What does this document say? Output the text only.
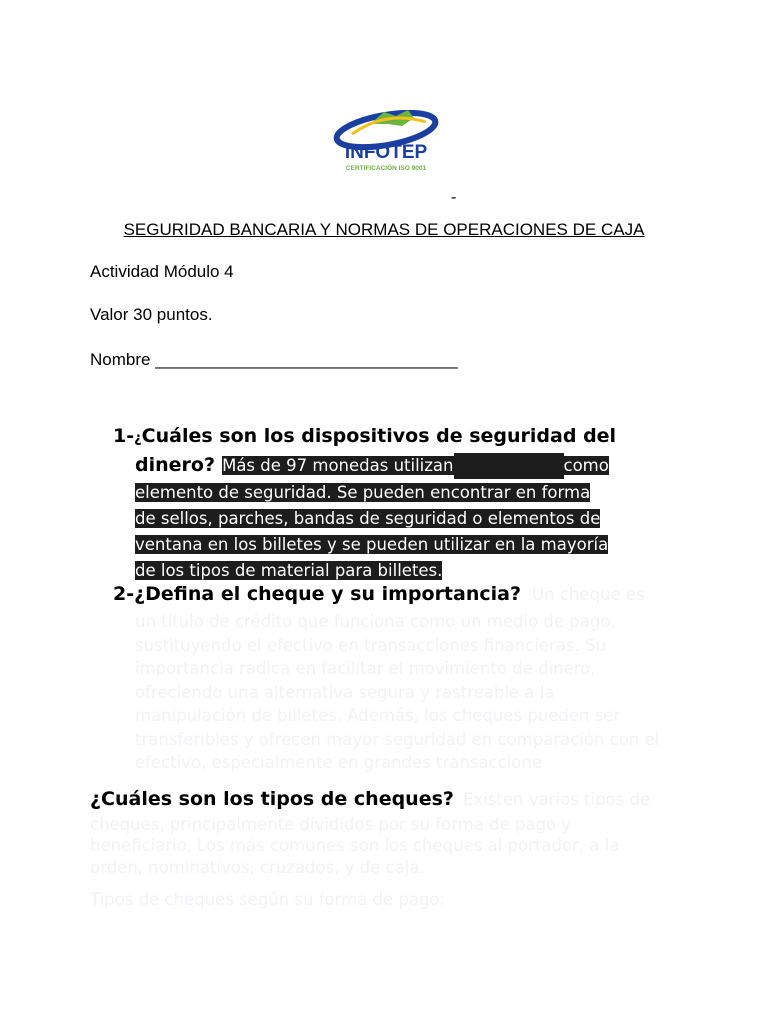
INFOTEP
CERTIFICACIÓN ISO 9001
-
SEGURIDAD BANCARIA Y NORMAS DE OPERACIONES DE CAJA
Actividad Módulo 4
Valor 30 puntos.
Nombre ________________________________
1-¿Cuáles son los dispositivos de seguridad del
dinero? Más de 97 monedas utilizan	como
elemento de seguridad. Se pueden encontrar en forma
de sellos, parches, bandas de seguridad o elementos de
ventana en los billetes y se pueden utilizar en la mayoría
de los tipos de material para billetes.
2-¿Defina el cheque y su importancia? Un cheque es
un título de crédito que funciona como un medio de pago,
sustituyendo el efectivo en transacciones financieras. Su
importancia radica en facilitar el movimiento de dinero,
ofreciendo una alternativa segura y rastreable a la
manipulación de billetes. Además, los cheques pueden ser
transferibles y ofrecen mayor seguridad en comparación con el
efectivo, especialmente en grandes transaccione
¿Cuáles son los tipos de cheques? Existen varios tipos de
cheques, principalmente divididos por su forma de pago y
beneficiario. Los más comunes son los cheques al portador, a la
orden, nominativos, cruzados, y de caja.
Tipos de cheques según su forma de pago:
